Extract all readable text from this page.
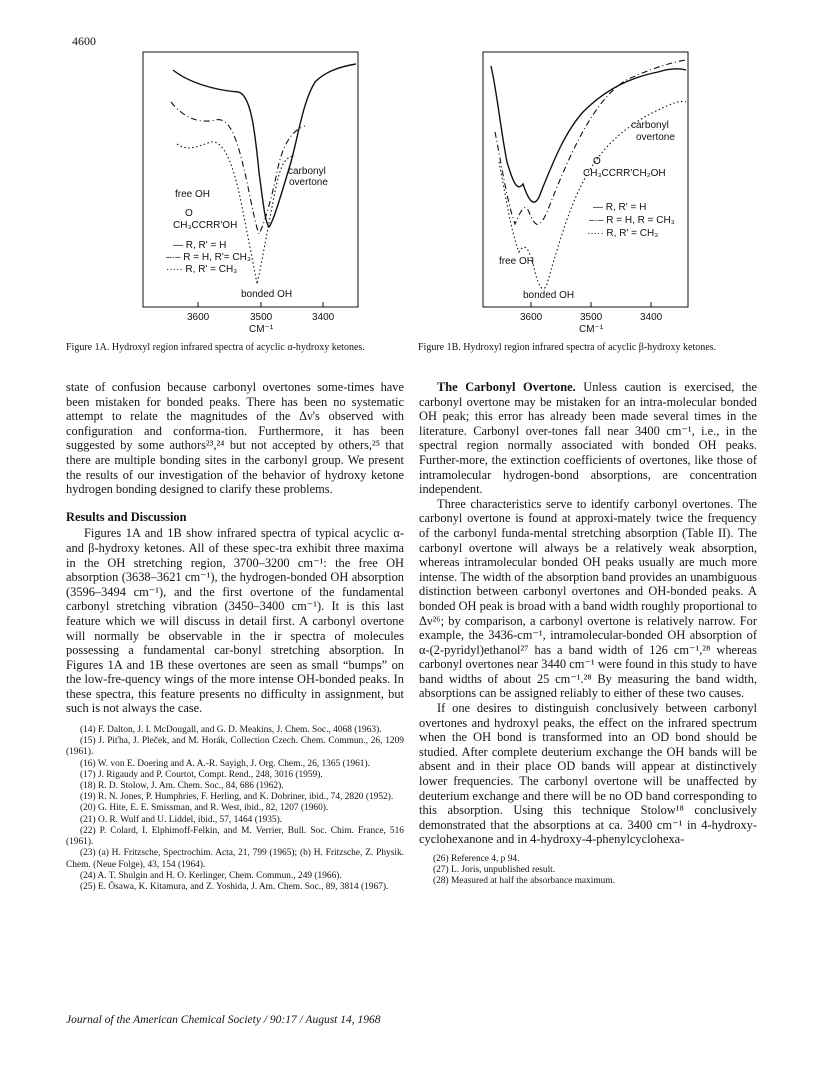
4600
carbonyl
overtone
free OH
O
CH₃CCRR'OH
— R, R' = H
–·– R = H, R'= CH₃
····· R, R' = CH₃
bonded OH
3600	3500	3400
CM⁻¹
carbonyl
overtone
O
CH₃CCRR'CH₂OH
— R, R' = H
–·– R = H, R = CH₃
····· R, R' = CH₃
free OH
bonded OH
3600	3500	3400
CM⁻¹
Figure 1A. Hydroxyl region infrared spectra of acyclic α-hydroxy ketones.	Figure 1B. Hydroxyl region infrared spectra of acyclic β-hydroxy ketones.

state of confusion because carbonyl overtones some-times have been mistaken for bonded peaks. There has been no systematic attempt to relate the magnitudes of the Δν's observed with configuration and conforma-tion. Furthermore, it has been suggested by some authors²³,²⁴ but not accepted by others,²⁵ that there are multiple bonding sites in the carbonyl group. We present the results of our investigation of the behavior of hydroxy ketone hydrogen bonding designed to clarify these problems.

Results and Discussion

Figures 1A and 1B show infrared spectra of typical acyclic α- and β-hydroxy ketones. All of these spec-tra exhibit three maxima in the OH stretching region, 3700–3200 cm⁻¹: the free OH absorption (3638–3621 cm⁻¹), the hydrogen-bonded OH absorption (3596–3494 cm⁻¹), and the first overtone of the fundamental carbonyl stretching vibration (3450–3400 cm⁻¹). It is this last feature which we will discuss in detail first. A carbonyl overtone will normally be observable in the ir spectra of molecules possessing a fundamental car-bonyl stretching absorption. In Figures 1A and 1B these overtones are seen as small “bumps” on the low-fre-quency wings of the more intense OH-bonded peaks. In these spectra, this feature presents no difficulty in assignment, but such is not always the case.

(14) F. Dalton, J. I. McDougall, and G. D. Meakins, J. Chem. Soc., 4068 (1963).
(15) J. Piťha, J. Pleček, and M. Horák, Collection Czech. Chem. Commun., 26, 1209 (1961).
(16) W. von E. Doering and A. A.-R. Sayigh, J. Org. Chem., 26, 1365 (1961).
(17) J. Rigaudy and P. Courtot, Compt. Rend., 248, 3016 (1959).
(18) R. D. Stolow, J. Am. Chem. Soc., 84, 686 (1962).
(19) R. N. Jones, P. Humphries, F. Herling, and K. Dobriner, ibid., 74, 2820 (1952).
(20) G. Hite, E. E. Smissman, and R. West, ibid., 82, 1207 (1960).
(21) O. R. Wulf and U. Liddel, ibid., 57, 1464 (1935).
(22) P. Colard, I. Elphimoff-Felkin, and M. Verrier, Bull. Soc. Chim. France, 516 (1961).
(23) (a) H. Fritzsche, Spectrochim. Acta, 21, 799 (1965); (b) H. Fritzsche, Z. Physik. Chem. (Neue Folge), 43, 154 (1964).
(24) A. T. Shulgin and H. O. Kerlinger, Chem. Commun., 249 (1966).
(25) E. Ōsawa, K. Kitamura, and Z. Yoshida, J. Am. Chem. Soc., 89, 3814 (1967).

The Carbonyl Overtone. Unless caution is exercised, the carbonyl overtone may be mistaken for an intra-molecular bonded OH peak; this error has already been made several times in the literature. Carbonyl over-tones fall near 3400 cm⁻¹, i.e., in the spectral region normally associated with bonded OH peaks. Further-more, the extinction coefficients of overtones, like those of intramolecular hydrogen-bond absorptions, are concentration independent.

Three characteristics serve to identify carbonyl overtones. The carbonyl overtone is found at approxi-mately twice the frequency of the carbonyl funda-mental stretching absorption (Table II). The carbonyl overtone will always be a relatively weak absorption, whereas intramolecular bonded OH peaks usually are much more intense. The width of the absorption band provides an unambiguous distinction between carbonyl overtones and OH-bonded peaks. A bonded OH peak is broad with a band width roughly proportional to Δν²⁶; by comparison, a carbonyl overtone is relatively narrow. For example, the 3436-cm⁻¹, intramolecular-bonded OH absorption of α-(2-pyridyl)ethanol²⁷ has a band width of 126 cm⁻¹,²⁸ whereas carbonyl overtones near 3440 cm⁻¹ were found in this study to have band widths of about 25 cm⁻¹.²⁸ By measuring the band width, absorptions can be assigned reliably to either of these two causes.

If one desires to distinguish conclusively between carbonyl overtones and hydroxyl peaks, the effect on the infrared spectrum when the OH bond is transformed into an OD bond should be studied. After complete deuterium exchange the OH bands will be absent and in their place OD bands will appear at distinctively lower frequencies. The carbonyl overtone will be unaffected by deuterium exchange and there will be no OD band corresponding to this absorption. Using this technique Stolow¹⁸ conclusively demonstrated that the absorptions at ca. 3400 cm⁻¹ in 4-hydroxy-cyclohexanone and in 4-hydroxy-4-phenylcyclohexa-

(26) Reference 4, p 94.
(27) L. Joris, unpublished result.
(28) Measured at half the absorbance maximum.
Journal of the American Chemical Society / 90:17 / August 14, 1968
